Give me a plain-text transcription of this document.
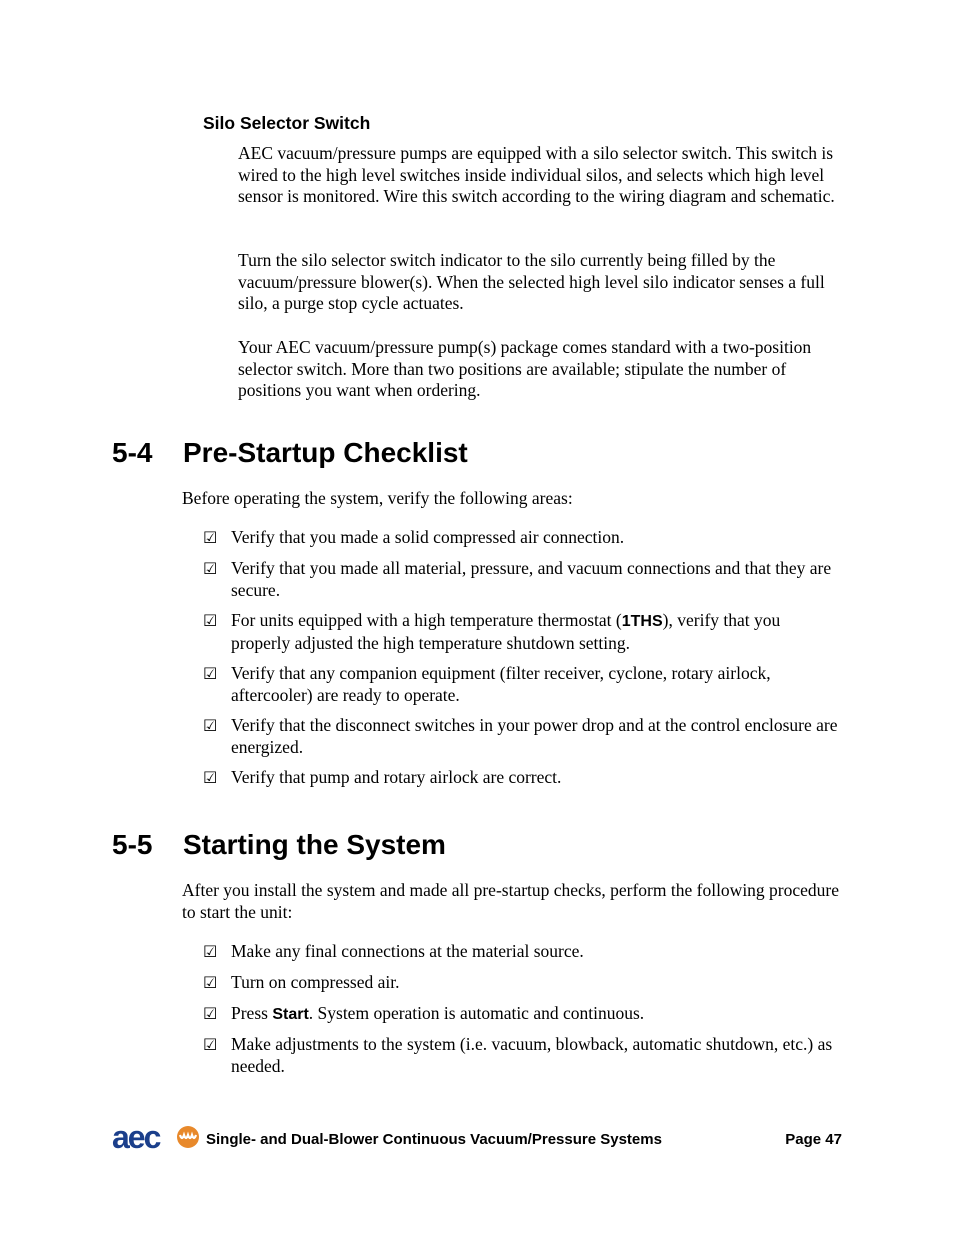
Silo Selector Switch
AEC vacuum/pressure pumps are equipped with a silo selector switch. This switch is wired to the high level switches inside individual silos, and selects which high level sensor is monitored. Wire this switch according to the wiring diagram and schematic.
Turn the silo selector switch indicator to the silo currently being filled by the vacuum/pressure blower(s). When the selected high level silo indicator senses a full silo, a purge stop cycle actuates.
Your AEC vacuum/pressure pump(s) package comes standard with a two-position selector switch. More than two positions are available; stipulate the number of positions you want when ordering.
5-4 Pre-Startup Checklist
Before operating the system, verify the following areas:
☑ Verify that you made a solid compressed air connection.
☑ Verify that you made all material, pressure, and vacuum connections and that they are secure.
☑ For units equipped with a high temperature thermostat (1THS), verify that you properly adjusted the high temperature shutdown setting.
☑ Verify that any companion equipment (filter receiver, cyclone, rotary airlock, aftercooler) are ready to operate.
☑ Verify that the disconnect switches in your power drop and at the control enclosure are energized.
☑ Verify that pump and rotary airlock are correct.
5-5 Starting the System
After you install the system and made all pre-startup checks, perform the following procedure to start the unit:
☑ Make any final connections at the material source.
☑ Turn on compressed air.
☑ Press Start. System operation is automatic and continuous.
☑ Make adjustments to the system (i.e. vacuum, blowback, automatic shutdown, etc.) as needed.
aec	Single- and Dual-Blower Continuous Vacuum/Pressure Systems	Page 47
